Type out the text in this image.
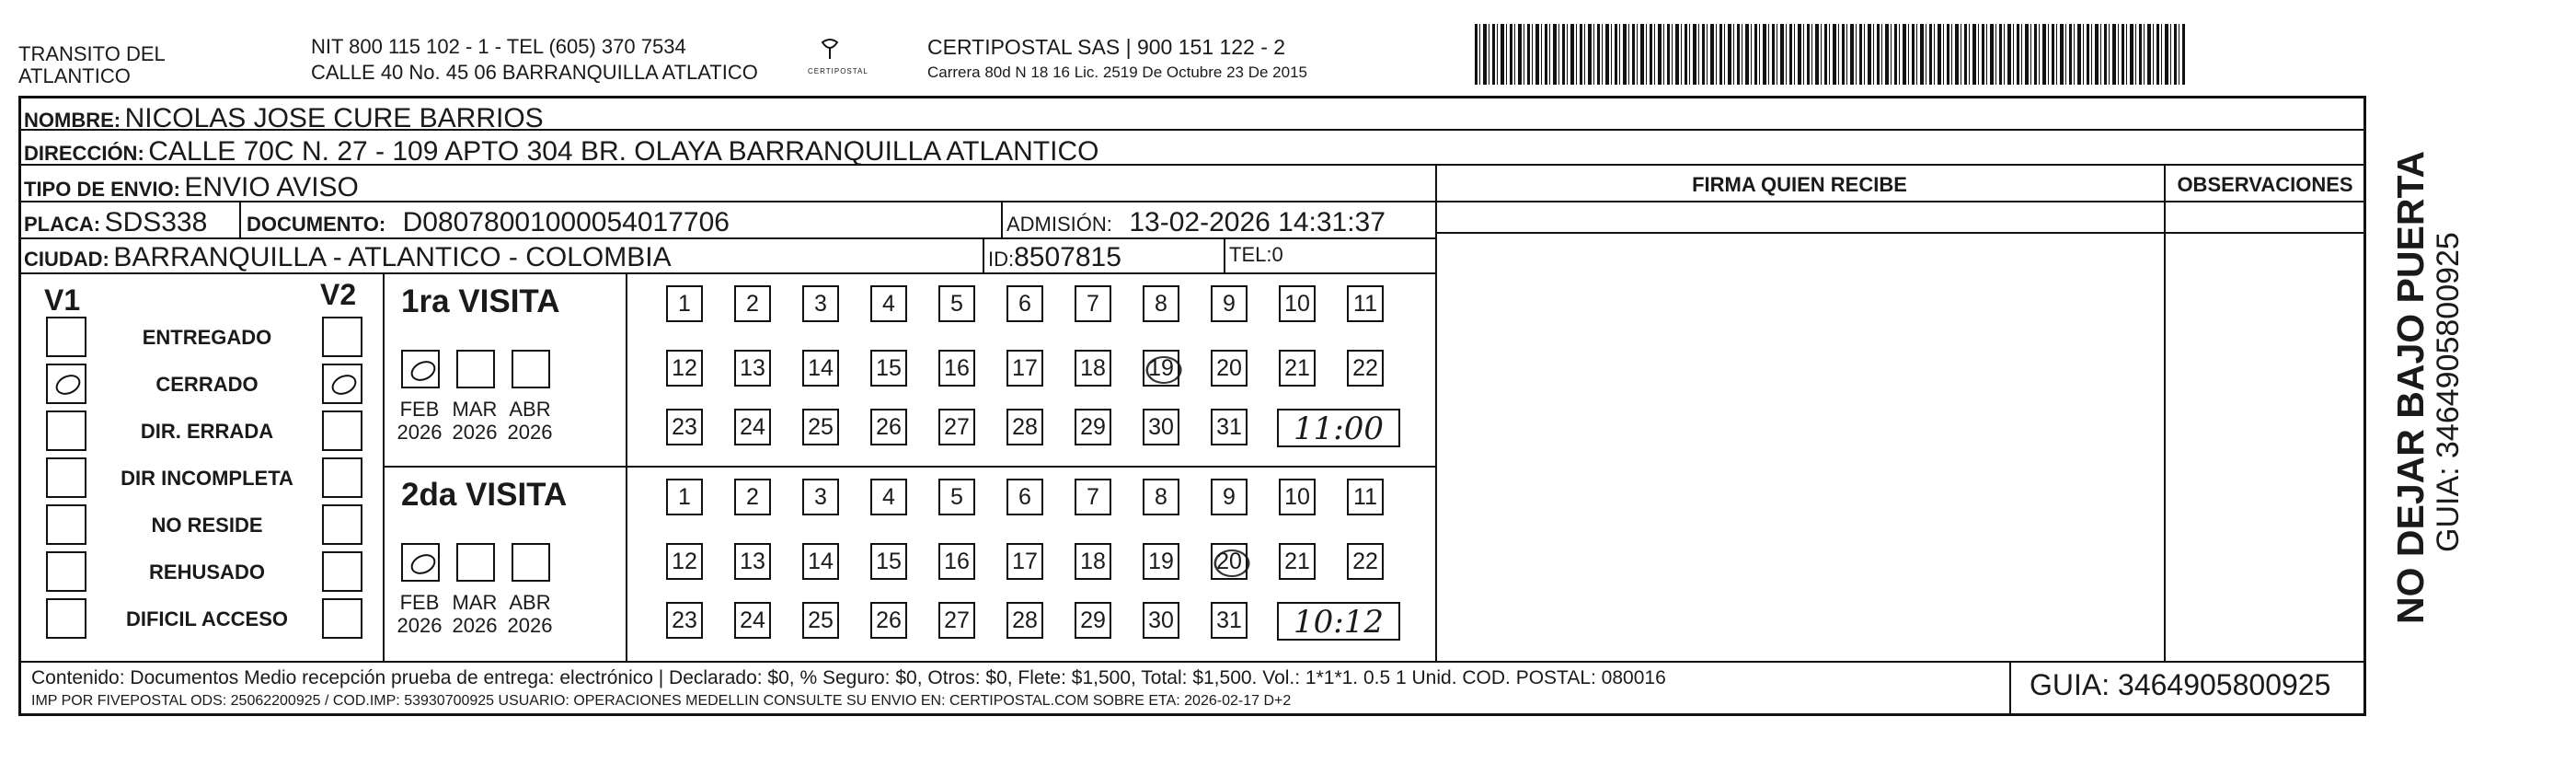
TRANSITO DEL
ATLANTICO
NIT 800 115 102 - 1 - TEL (605) 370 7534
CALLE 40 No. 45 06 BARRANQUILLA ATLATICO	CERTIPOSTAL
CERTIPOSTAL SAS | 900 151 122 - 2
Carrera 80d N 18 16 Lic. 2519 De Octubre 23 De 2015
NOMBRE: NICOLAS JOSE CURE BARRIOS
DIRECCIÓN: CALLE 70C N. 27 - 109 APTO 304 BR. OLAYA BARRANQUILLA ATLANTICO
TIPO DE ENVIO: ENVIO AVISO	FIRMA QUIEN RECIBE	OBSERVACIONES
PLACA: SDS338 DOCUMENTO: D08078001000054017706	ADMISIÓN: 13-02-2026 14:31:37
CIUDAD: BARRANQUILLA - ATLANTICO - COLOMBIA	ID:8507815	TEL:0
V1	V2
ENTREGADO
CERRADO
DIR. ERRADA
DIR INCOMPLETA
NO RESIDE
REHUSADO
DIFICIL ACCESO
1ra VISITA
FEB
2026
MAR
2026
ABR
2026
1	2	3	4	5	6	7	8	9	10 11
12 13 14 15 16 17 18 19 20 21 22
23 24 25 26 27 28 29 30 31	11:00
2da VISITA
FEB
2026
MAR
2026
ABR
2026
1	2	3	4	5	6	7	8	9	10 11
12 13 14 15 16 17 18 19 20 21 22
23 24 25 26 27 28 29 30 31	10:12
Contenido: Documentos Medio recepción prueba de entrega: electrónico | Declarado: $0, % Seguro: $0, Otros: $0, Flete: $1,500, Total: $1,500. Vol.: 1*1*1. 0.5 1 Unid. COD. POSTAL: 080016
IMP POR FIVEPOSTAL ODS: 25062200925 / COD.IMP: 53930700925 USUARIO: OPERACIONES MEDELLIN CONSULTE SU ENVIO EN: CERTIPOSTAL.COM SOBRE ETA: 2026-02-17 D+2	GUIA: 3464905800925
NO DEJAR BAJO PUERTA GUIA: 3464905800925
